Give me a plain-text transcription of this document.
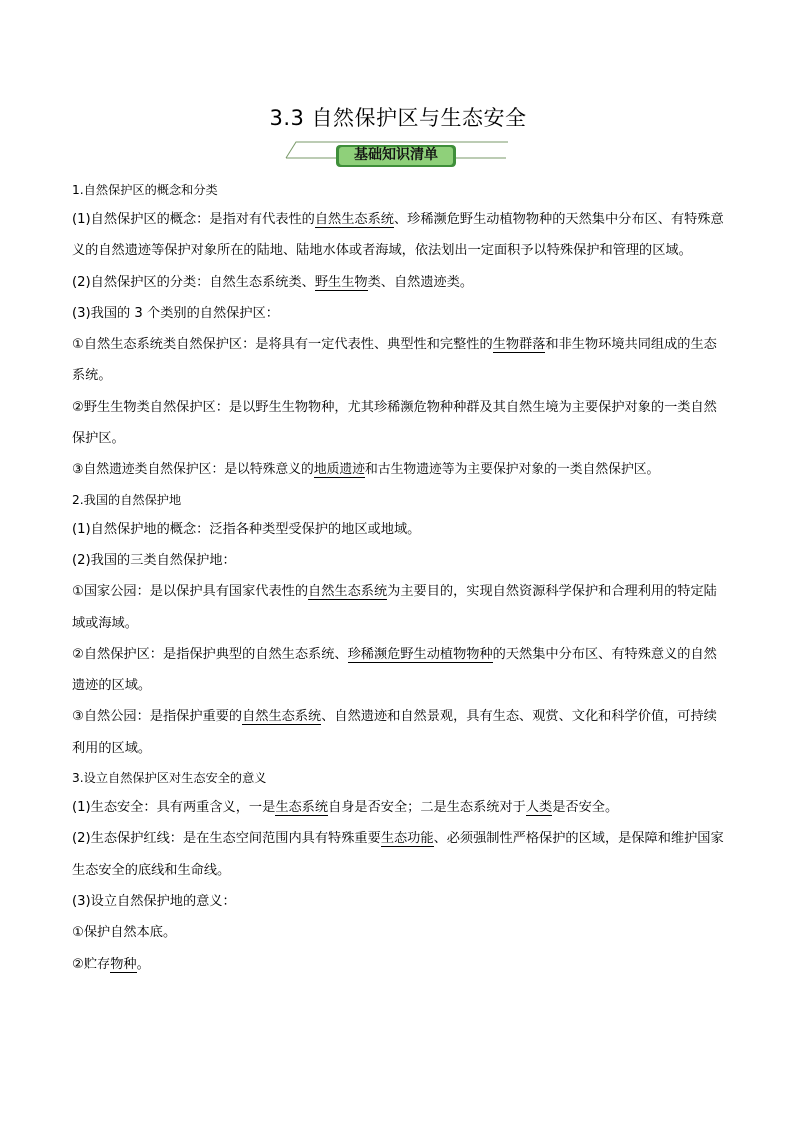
3.3 自然保护区与生态安全
基础知识清单

1.自然保护区的概念和分类

(1)自然保护区的概念：是指对有代表性的自然生态系统、珍稀濒危野生动植物物种的天然集中分布区、有特殊意义的自然遗迹等保护对象所在的陆地、陆地水体或者海域，依法划出一定面积予以特殊保护和管理的区域。

(2)自然保护区的分类：自然生态系统类、野生生物类、自然遗迹类。

(3)我国的 3 个类别的自然保护区：

①自然生态系统类自然保护区：是将具有一定代表性、典型性和完整性的生物群落和非生物环境共同组成的生态系统。

②野生生物类自然保护区：是以野生生物物种，尤其珍稀濒危物种种群及其自然生境为主要保护对象的一类自然保护区。

③自然遗迹类自然保护区：是以特殊意义的地质遗迹和古生物遗迹等为主要保护对象的一类自然保护区。

2.我国的自然保护地

(1)自然保护地的概念：泛指各种类型受保护的地区或地域。

(2)我国的三类自然保护地：

①国家公园：是以保护具有国家代表性的自然生态系统为主要目的，实现自然资源科学保护和合理利用的特定陆域或海域。

②自然保护区：是指保护典型的自然生态系统、珍稀濒危野生动植物物种的天然集中分布区、有特殊意义的自然遗迹的区域。

③自然公园：是指保护重要的自然生态系统、自然遗迹和自然景观，具有生态、观赏、文化和科学价值，可持续利用的区域。

3.设立自然保护区对生态安全的意义

(1)生态安全：具有两重含义，一是生态系统自身是否安全；二是生态系统对于人类是否安全。

(2)生态保护红线：是在生态空间范围内具有特殊重要生态功能、必须强制性严格保护的区域，是保障和维护国家生态安全的底线和生命线。

(3)设立自然保护地的意义：

①保护自然本底。

②贮存物种。
